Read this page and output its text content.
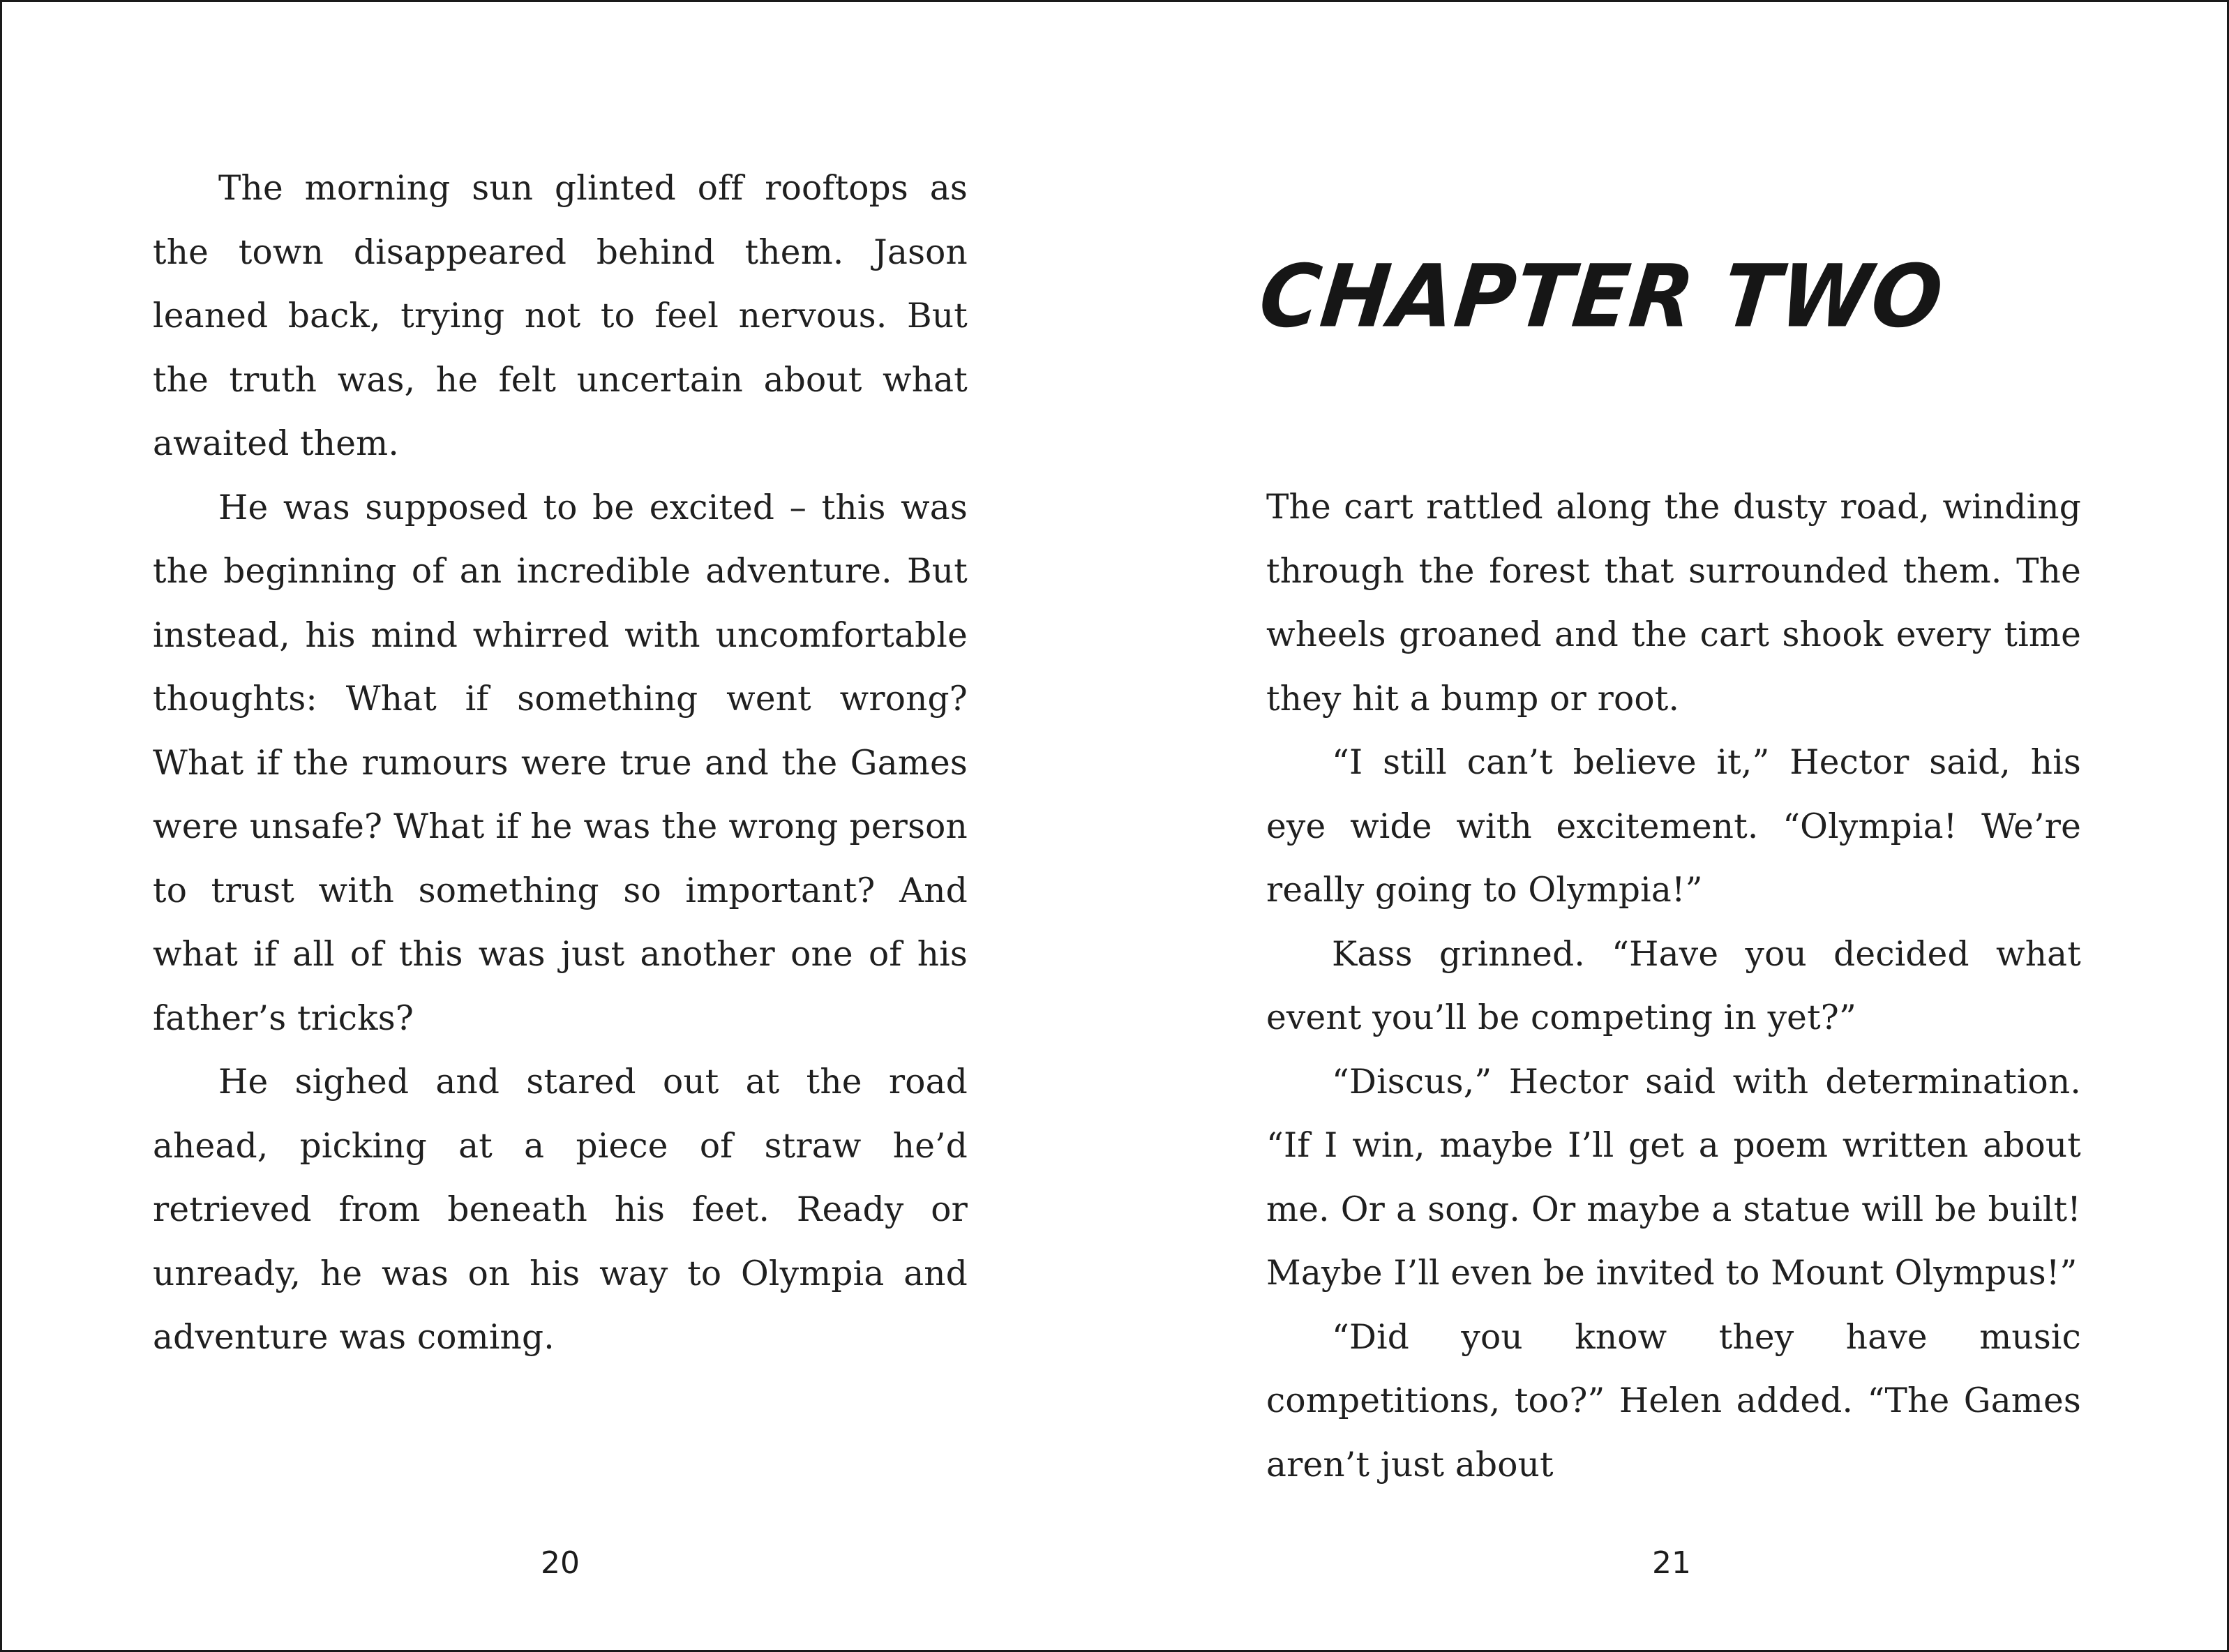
The morning sun glinted off rooftops as the town disappeared behind them. Jason leaned back, trying not to feel nervous. But the truth was, he felt uncertain about what awaited them.

He was supposed to be excited – this was the beginning of an incredible adventure. But instead, his mind whirred with uncomfortable thoughts: What if something went wrong? What if the rumours were true and the Games were unsafe? What if he was the wrong person to trust with something so important? And what if all of this was just another one of his father’s tricks?

He sighed and stared out at the road ahead, picking at a piece of straw he’d retrieved from beneath his feet. Ready or unready, he was on his way to Olympia and adventure was coming.

20
CHAPTER TWO

The cart rattled along the dusty road, winding through the forest that surrounded them. The wheels groaned and the cart shook every time they hit a bump or root.

“I still can’t believe it,” Hector said, his eye wide with excitement. “Olympia! We’re really going to Olympia!”

Kass grinned. “Have you decided what event you’ll be competing in yet?”

“Discus,” Hector said with determination. “If I win, maybe I’ll get a poem written about me. Or a song. Or maybe a statue will be built! Maybe I’ll even be invited to Mount Olympus!”

“Did you know they have music competitions, too?” Helen added. “The Games aren’t just about

21
